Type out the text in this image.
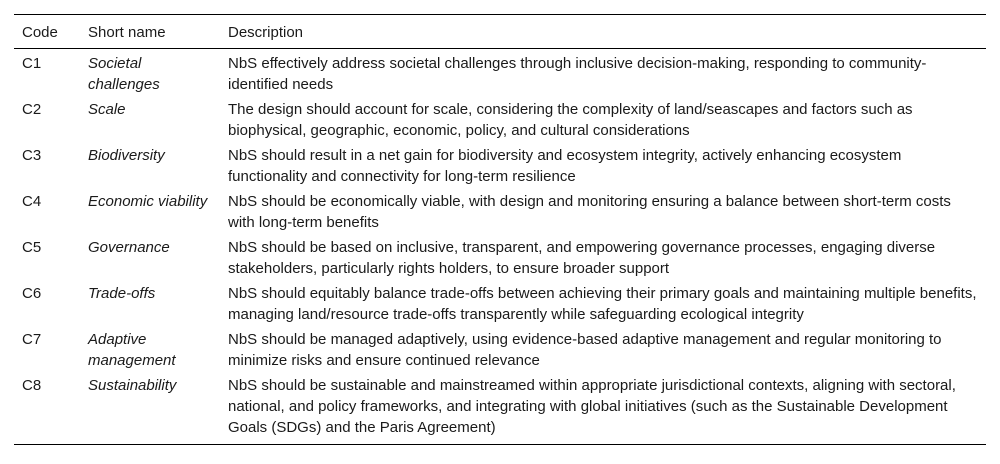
Code	Short name	Description
C1	Societal challenges	NbS effectively address societal challenges through inclusive decision-making, responding to community-identified needs
C2	Scale	The design should account for scale, considering the complexity of land/seascapes and factors such as biophysical, geographic, economic, policy, and cultural considerations
C3	Biodiversity	NbS should result in a net gain for biodiversity and ecosystem integrity, actively enhancing ecosystem functionality and connectivity for long-term resilience
C4	Economic viability	NbS should be economically viable, with design and monitoring ensuring a balance between short-term costs with long-term benefits
C5	Governance	NbS should be based on inclusive, transparent, and empowering governance processes, engaging diverse stakeholders, particularly rights holders, to ensure broader support
C6	Trade-offs	NbS should equitably balance trade-offs between achieving their primary goals and maintaining multiple benefits, managing land/resource trade-offs transparently while safeguarding ecological integrity
C7	Adaptive management	NbS should be managed adaptively, using evidence-based adaptive management and regular monitoring to minimize risks and ensure continued relevance
C8	Sustainability	NbS should be sustainable and mainstreamed within appropriate jurisdictional contexts, aligning with sectoral, national, and policy frameworks, and integrating with global initiatives (such as the Sustainable Development Goals (SDGs) and the Paris Agreement)
